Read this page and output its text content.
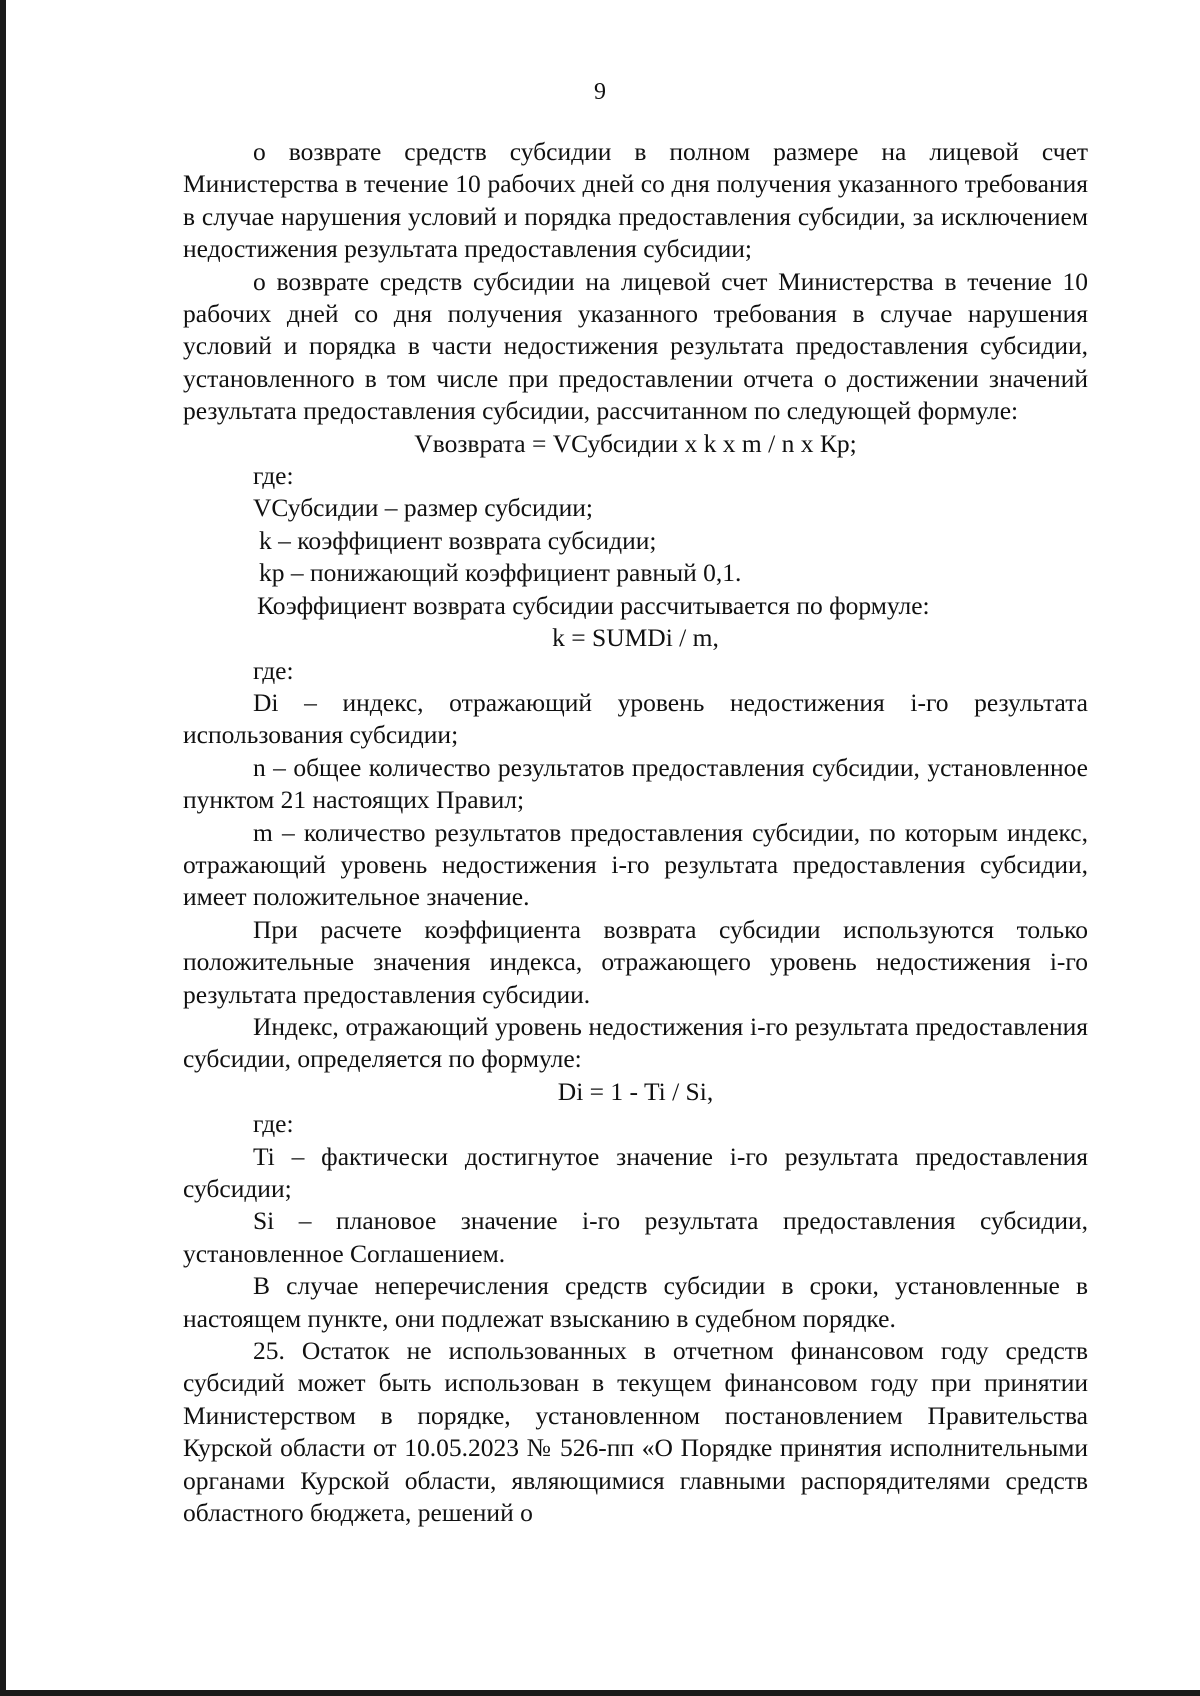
9

о возврате средств субсидии в полном размере на лицевой счет Министерства в течение 10 рабочих дней со дня получения указанного требования в случае нарушения условий и порядка предоставления субсидии, за исключением недостижения результата предоставления субсидии;

о возврате средств субсидии на лицевой счет Министерства в течение 10 рабочих дней со дня получения указанного требования в случае нарушения условий и порядка в части недостижения результата предоставления субсидии, установленного в том числе при предоставлении отчета о достижении значений результата предоставления субсидии, рассчитанном по следующей формуле:

Vвозврата = VСубсидии x k x m / n x Кр;

где:

VСубсидии – размер субсидии;

k – коэффициент возврата субсидии;

kp – понижающий коэффициент равный 0,1.

Коэффициент возврата субсидии рассчитывается по формуле:

k = SUMDi / m,

где:

Di – индекс, отражающий уровень недостижения i-го результата использования субсидии;

n – общее количество результатов предоставления субсидии, установленное пунктом 21 настоящих Правил;

m – количество результатов предоставления субсидии, по которым индекс, отражающий уровень недостижения i-го результата предоставления субсидии, имеет положительное значение.

При расчете коэффициента возврата субсидии используются только положительные значения индекса, отражающего уровень недостижения i-го результата предоставления субсидии.

Индекс, отражающий уровень недостижения i-го результата предоставления субсидии, определяется по формуле:

Di = 1 - Ti / Si,

где:

Ti – фактически достигнутое значение i-го результата предоставления субсидии;

Si – плановое значение i-го результата предоставления субсидии, установленное Соглашением.

В случае неперечисления средств субсидии в сроки, установленные в настоящем пункте, они подлежат взысканию в судебном порядке.

25. Остаток не использованных в отчетном финансовом году средств субсидий может быть использован в текущем финансовом году при принятии Министерством в порядке, установленном постановлением Правительства Курской области от 10.05.2023 № 526-пп «О Порядке принятия исполнительными органами Курской области, являющимися главными распорядителями средств областного бюджета, решений о
